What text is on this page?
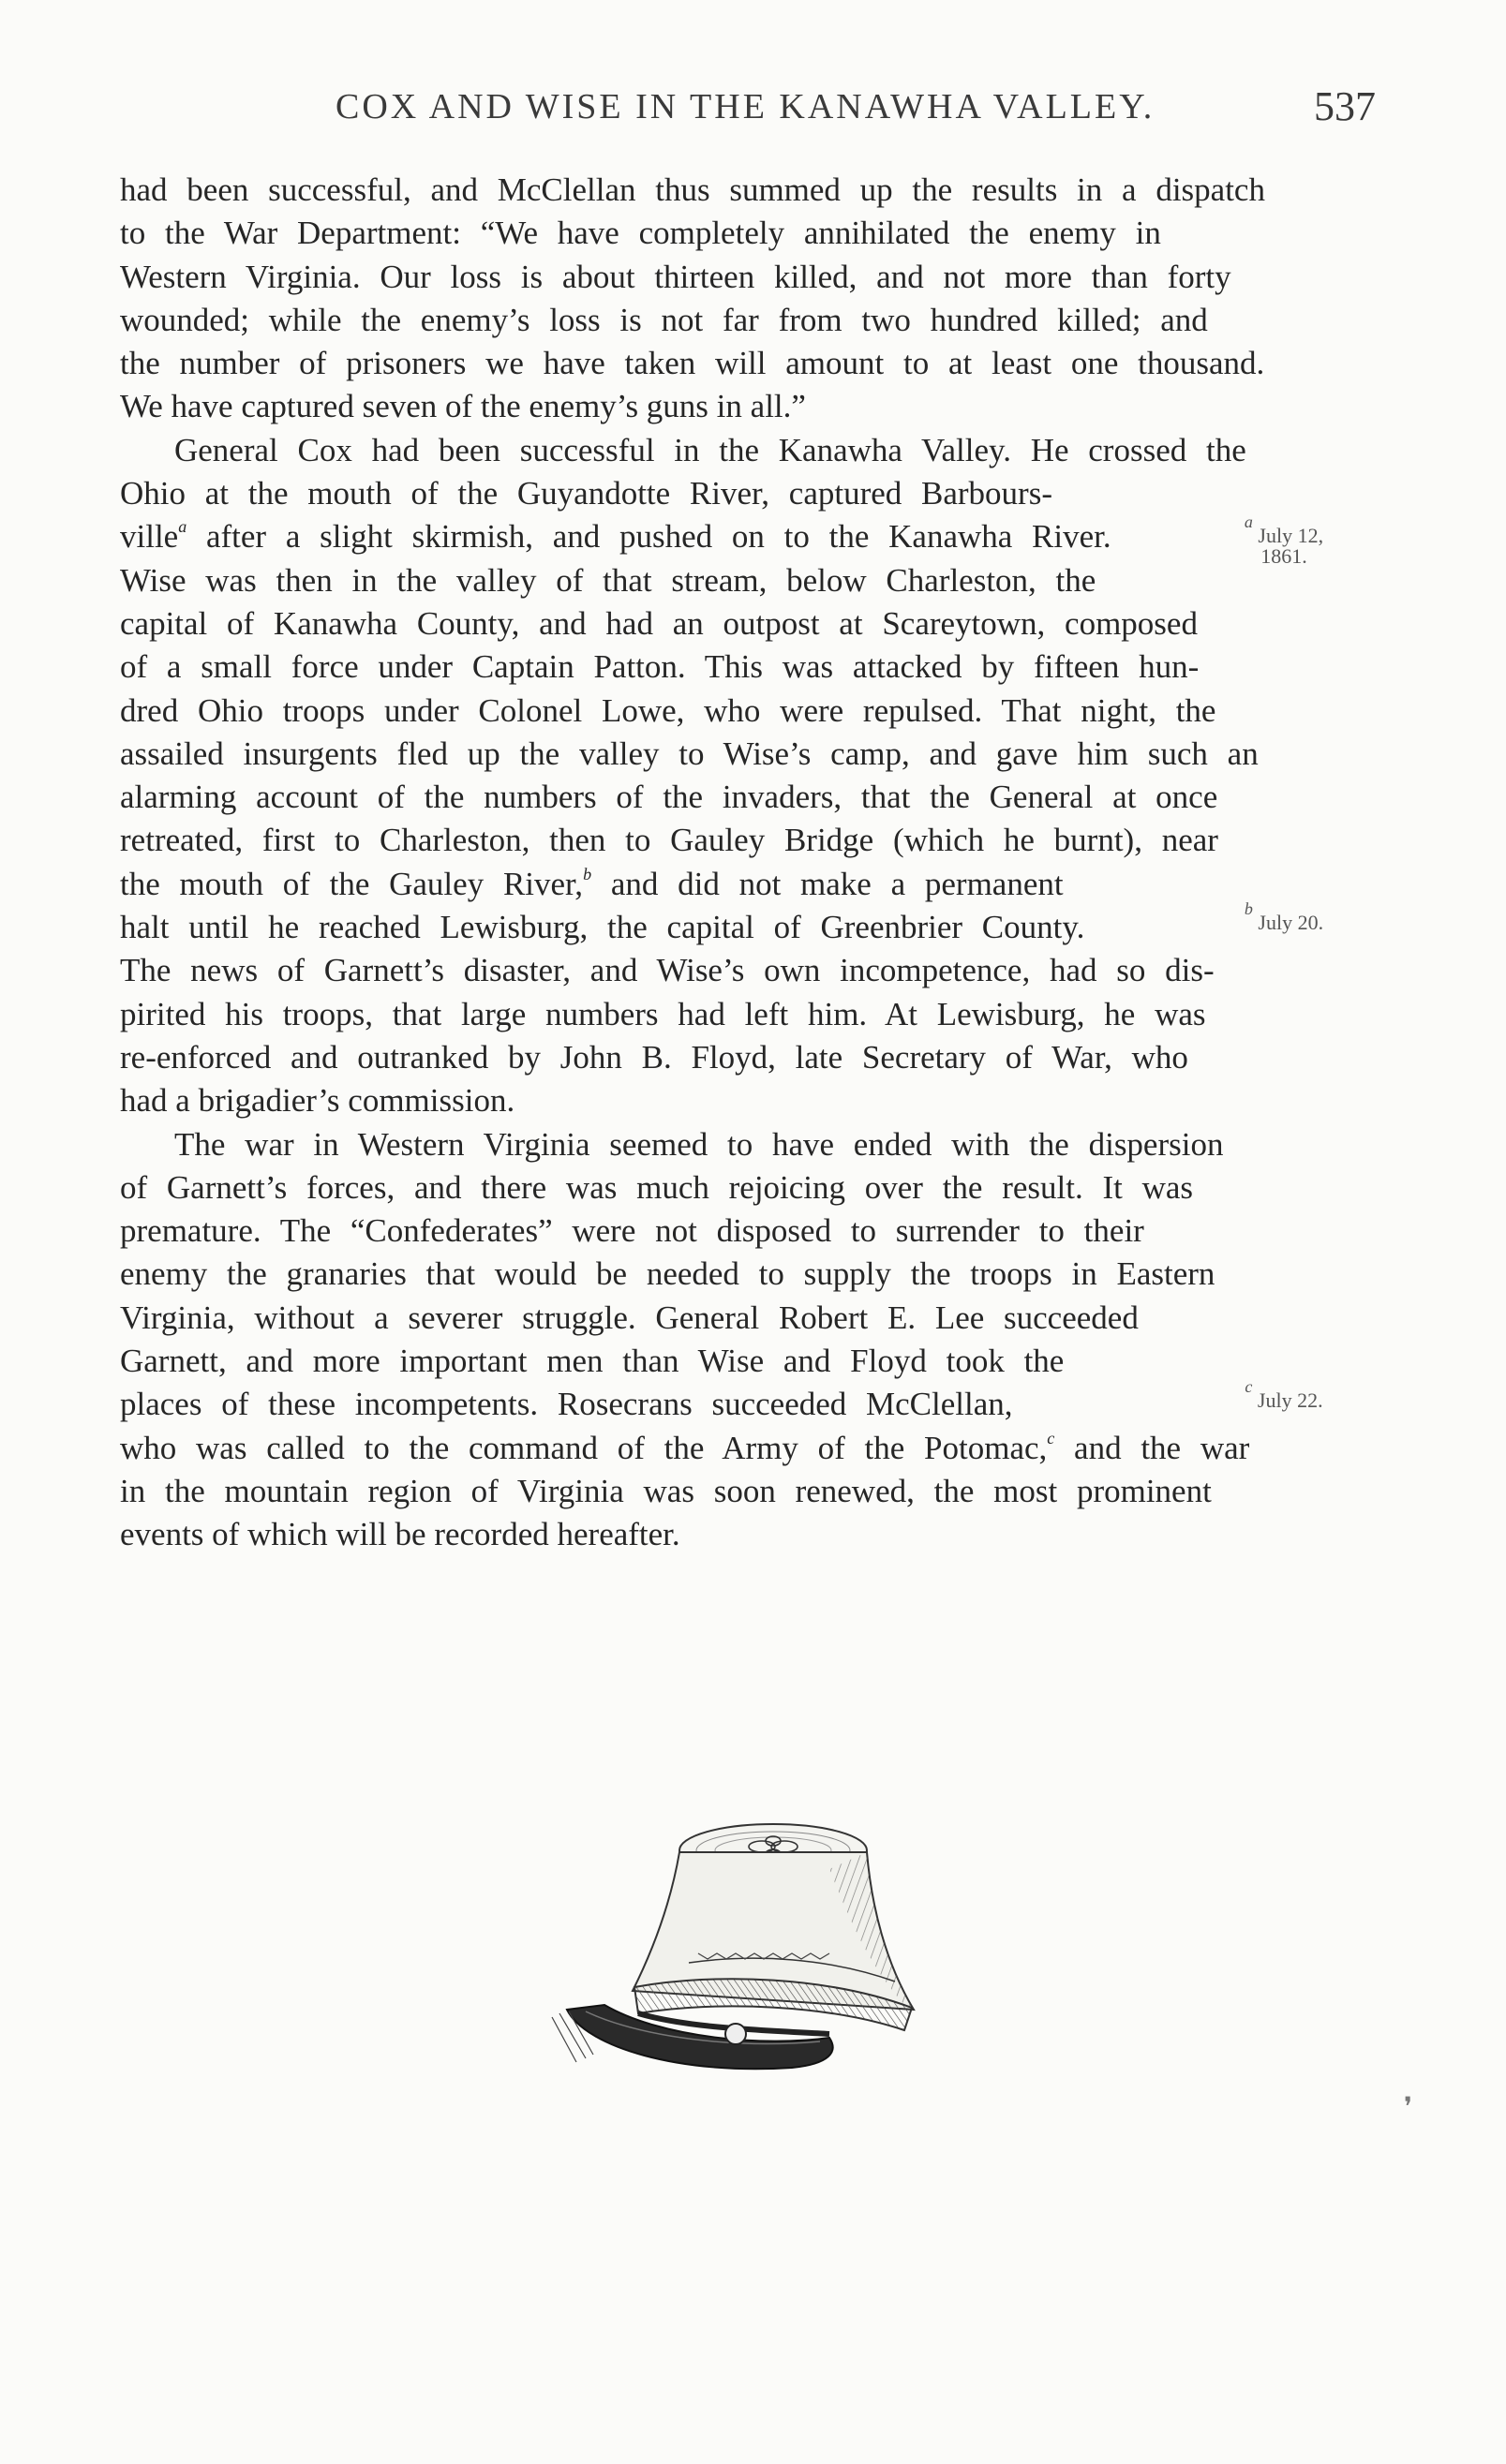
COX AND WISE IN THE KANAWHA VALLEY.	537
had been successful, and McClellan thus summed up the results in a dispatch
to the War Department: “We have completely annihilated the enemy in
Western Virginia. Our loss is about thirteen killed, and not more than forty
wounded; while the enemy’s loss is not far from two hundred killed; and
the number of prisoners we have taken will amount to at least one thousand.
We have captured seven of the enemy’s guns in all.”
General Cox had been successful in the Kanawha Valley. He crossed the
Ohio at the mouth of the Guyandotte River, captured Barbours-
ville$^a$ after a slight skirmish, and pushed on to the Kanawha River.
Wise was then in the valley of that stream, below Charleston, the
capital of Kanawha County, and had an outpost at Scareytown, composed
of a small force under Captain Patton. This was attacked by fifteen hun-
dred Ohio troops under Colonel Lowe, who were repulsed. That night, the
assailed insurgents fled up the valley to Wise’s camp, and gave him such an
alarming account of the numbers of the invaders, that the General at once
retreated, first to Charleston, then to Gauley Bridge (which he burnt), near
the mouth of the Gauley River,$^b$ and did not make a permanent
halt until he reached Lewisburg, the capital of Greenbrier County.
The news of Garnett’s disaster, and Wise’s own incompetence, had so dis-
pirited his troops, that large numbers had left him. At Lewisburg, he was
re-enforced and outranked by John B. Floyd, late Secretary of War, who
had a brigadier’s commission.
The war in Western Virginia seemed to have ended with the dispersion
of Garnett’s forces, and there was much rejoicing over the result. It was
premature. The “Confederates” were not disposed to surrender to their
enemy the granaries that would be needed to supply the troops in Eastern
Virginia, without a severer struggle. General Robert E. Lee succeeded
Garnett, and more important men than Wise and Floyd took the
places of these incompetents. Rosecrans succeeded McClellan,
who was called to the command of the Army of the Potomac,$^c$ and the war
in the mountain region of Virginia was soon renewed, the most prominent
events of which will be recorded hereafter.
$^a$ July 12,
1861.
$^b$ July 20.
$^c$ July 22.
❜
